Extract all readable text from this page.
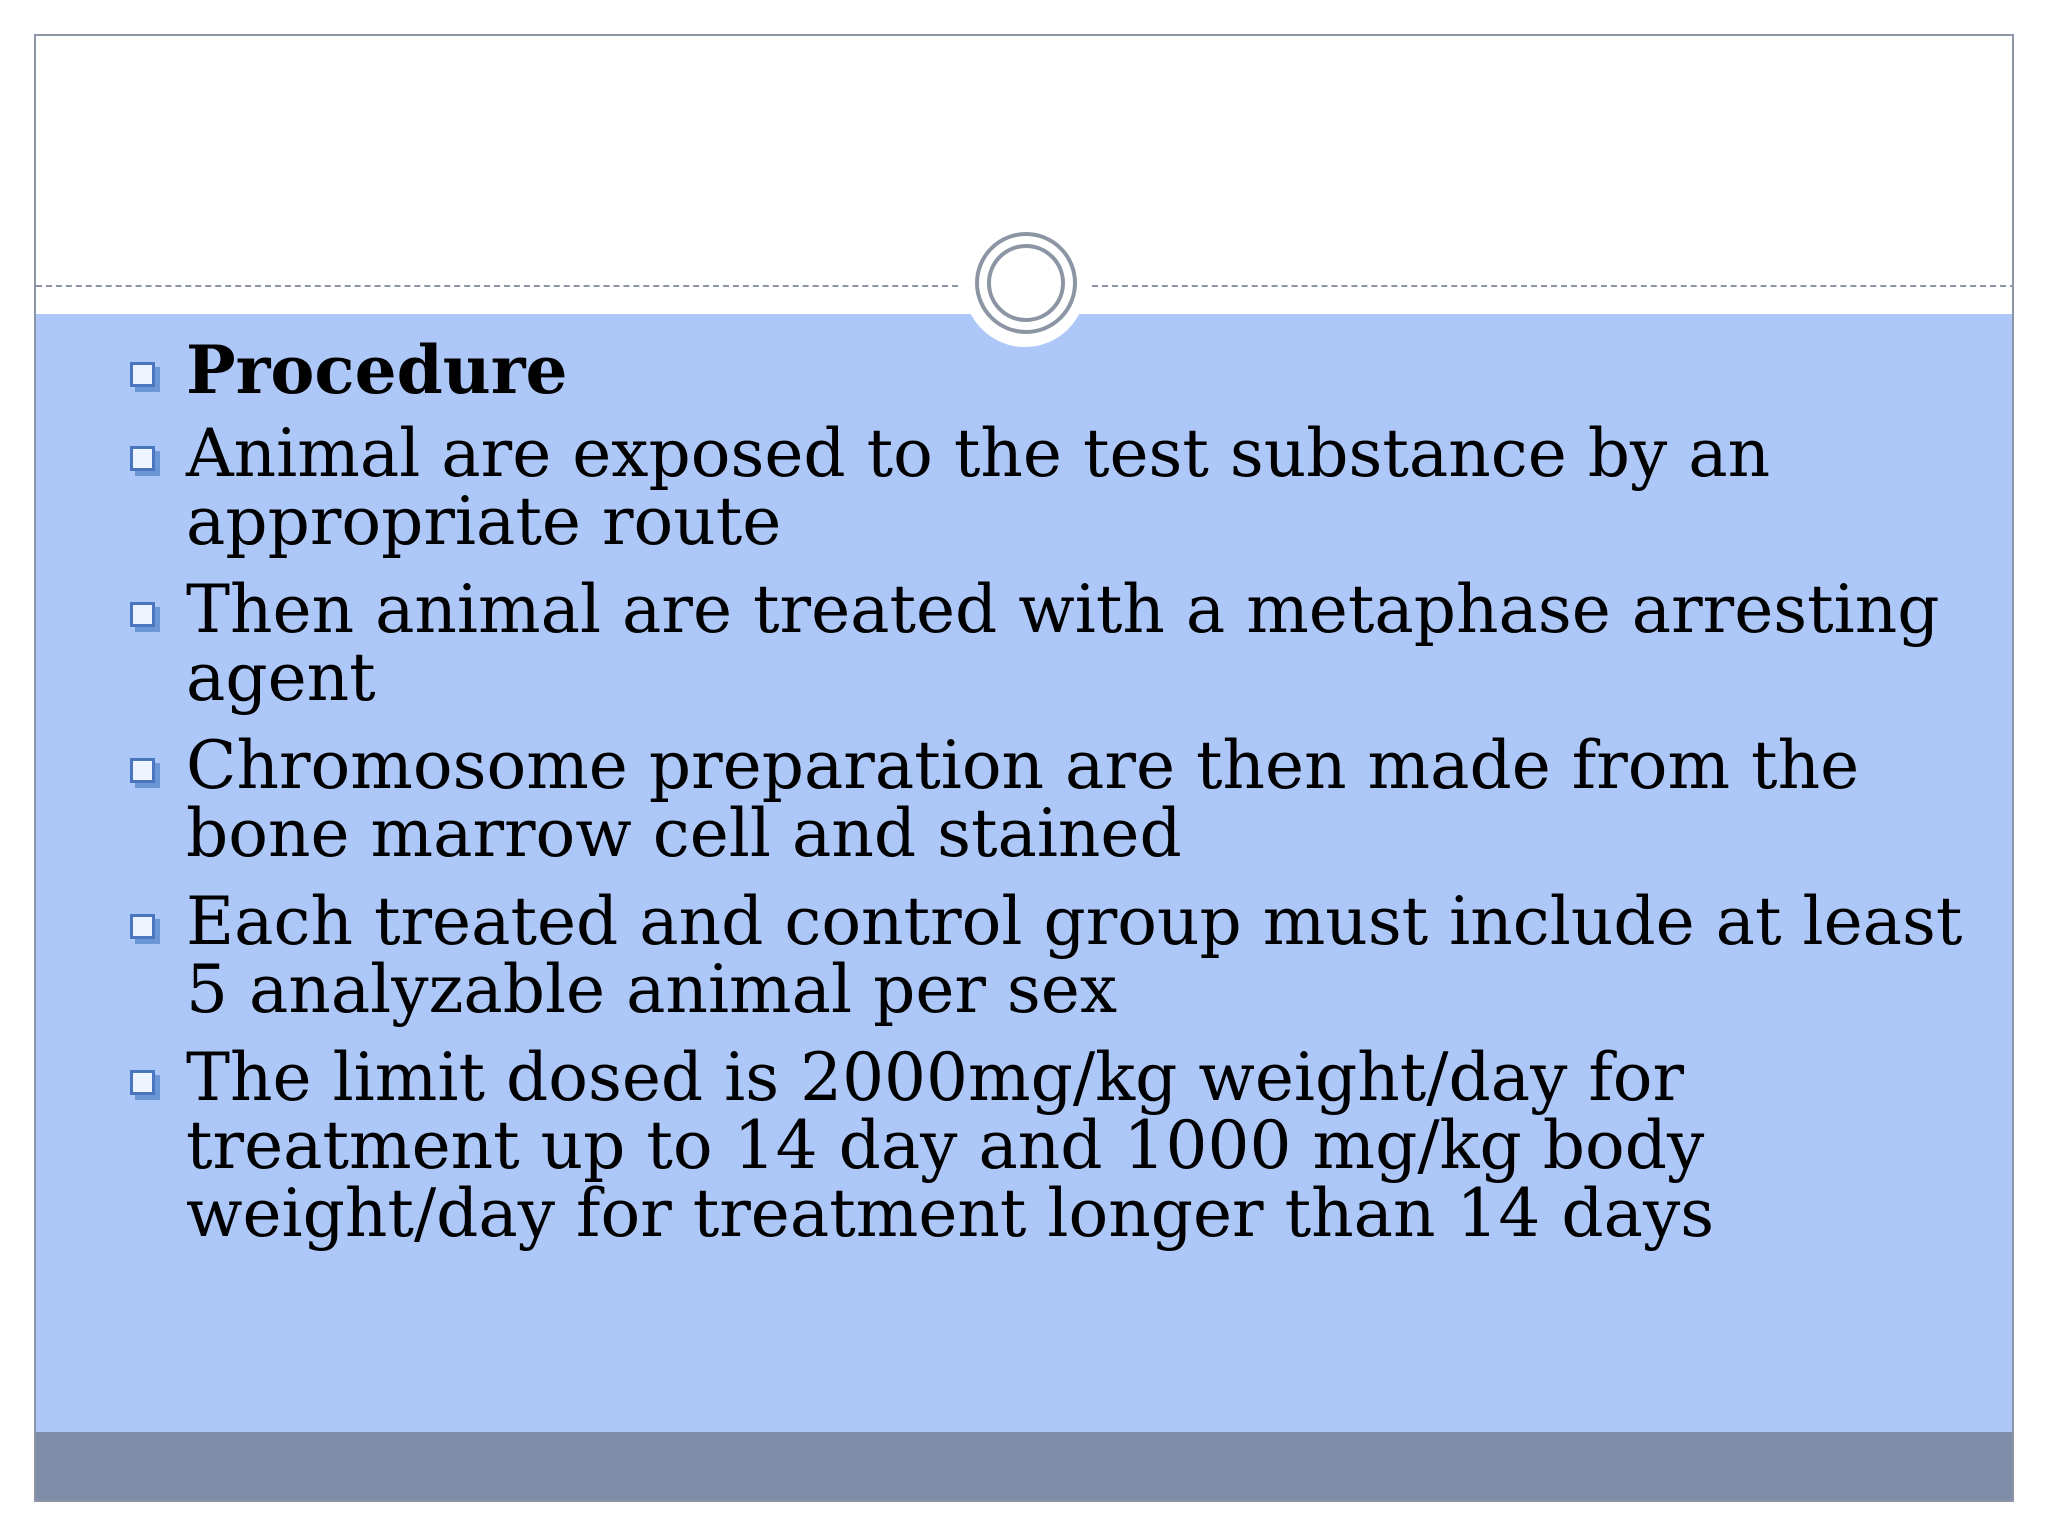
Procedure
Animal are exposed to the test substance by an appropriate route
Then animal are treated with a metaphase arresting agent
Chromosome preparation are then made from the bone marrow cell and stained
Each treated and control group must include at least 5 analyzable animal per sex
The limit dosed is 2000mg/kg weight/day for treatment up to 14 day and 1000 mg/kg body weight/day for treatment longer than 14 days
